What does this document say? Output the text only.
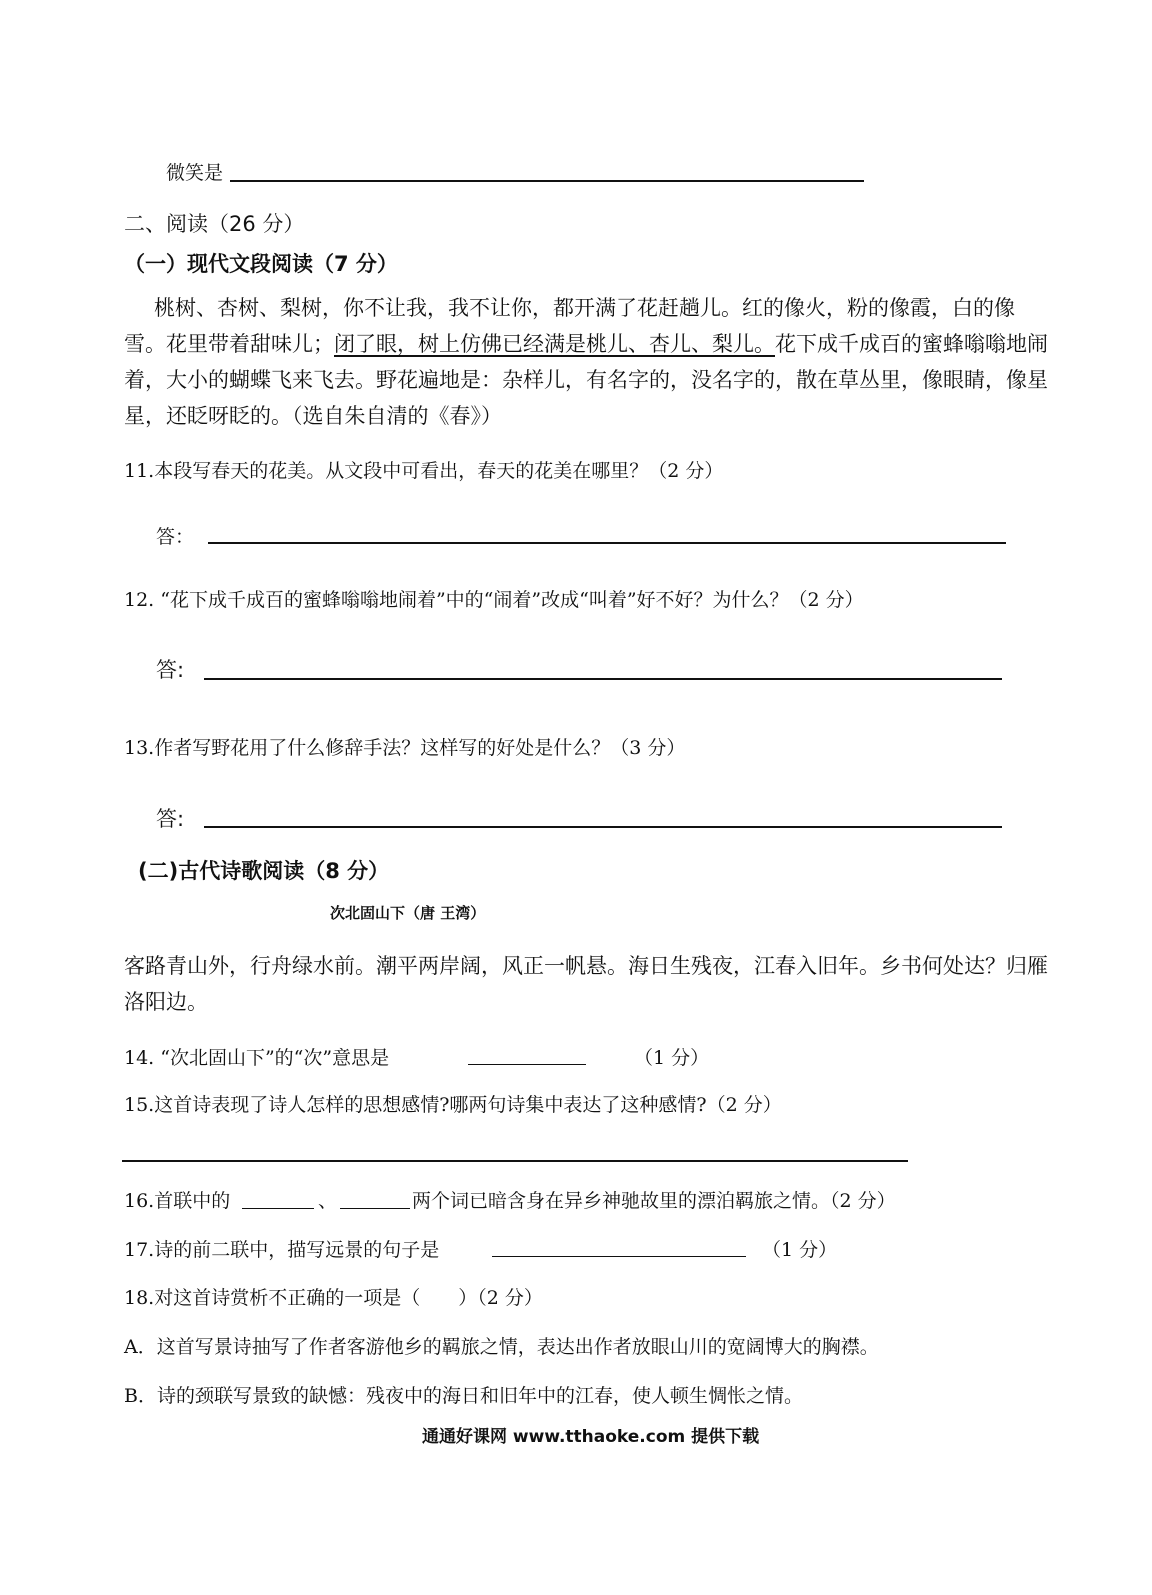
微笑是
二、阅读（26 分）
（一）现代文段阅读（7 分）
桃树、杏树、梨树，你不让我，我不让你，都开满了花赶趟儿。红的像火，粉的像霞，白的像雪。花里带着甜味儿；闭了眼，树上仿佛已经满是桃儿、杏儿、梨儿。花下成千成百的蜜蜂嗡嗡地闹着，大小的蝴蝶飞来飞去。野花遍地是：杂样儿，有名字的，没名字的，散在草丛里，像眼睛，像星星，还眨呀眨的。（选自朱自清的《春》）
11.本段写春天的花美。从文段中可看出，春天的花美在哪里？（2 分）
答：
12. “花下成千成百的蜜蜂嗡嗡地闹着”中的“闹着”改成“叫着”好不好？为什么？（2 分）
答:
13.作者写野花用了什么修辞手法？这样写的好处是什么？（3 分）
答:
(二)古代诗歌阅读（8 分）
次北固山下（唐 王湾）
客路青山外，行舟绿水前。潮平两岸阔，风正一帆悬。海日生残夜，江春入旧年。乡书何处达？归雁洛阳边。
14. “次北固山下”的“次”意思是	（1 分）
15.这首诗表现了诗人怎样的思想感情?哪两句诗集中表达了这种感情?（2 分）
16.首联中的	、	两个词已暗含身在异乡神驰故里的漂泊羁旅之情。（2 分）
17.诗的前二联中，描写远景的句子是	（1 分）
18.对这首诗赏析不正确的一项是（　　）（2 分）
A．这首写景诗抽写了作者客游他乡的羁旅之情，表达出作者放眼山川的宽阔博大的胸襟。
B．诗的颈联写景致的缺憾：残夜中的海日和旧年中的江春，使人顿生惆怅之情。
通通好课网 www.tthaoke.com 提供下载
